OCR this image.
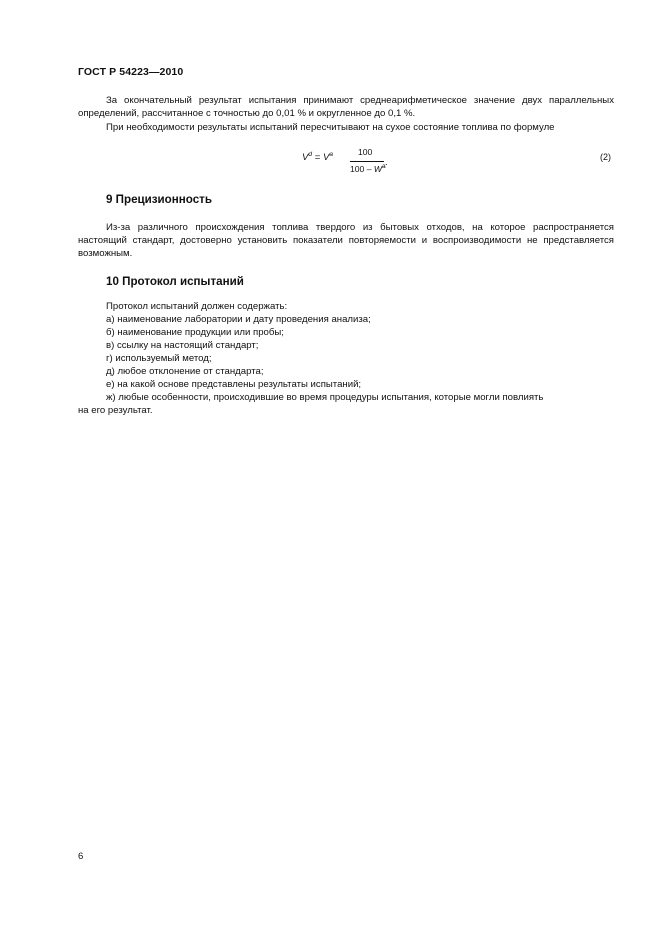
ГОСТ Р 54223—2010
За окончательный результат испытания принимают среднеарифметическое значение двух параллельных определений, рассчитанное с точностью до 0,01 % и округленное до 0,1 %.
При необходимости результаты испытаний пересчитывают на сухое состояние топлива по формуле
$V^d = V^a$	100
$100 - W^a$ .	(2)
9 Прецизионность
Из-за различного происхождения топлива твердого из бытовых отходов, на которое распространяется настоящий стандарт, достоверно установить показатели повторяемости и воспроизводимости не представляется возможным.
10 Протокол испытаний
Протокол испытаний должен содержать:
а) наименование лаборатории и дату проведения анализа;
б) наименование продукции или пробы;
в) ссылку на настоящий стандарт;
г) используемый метод;
д) любое отклонение от стандарта;
е) на какой основе представлены результаты испытаний;
ж) любые особенности, происходившие во время процедуры испытания, которые могли повлиять
на его результат.
6
